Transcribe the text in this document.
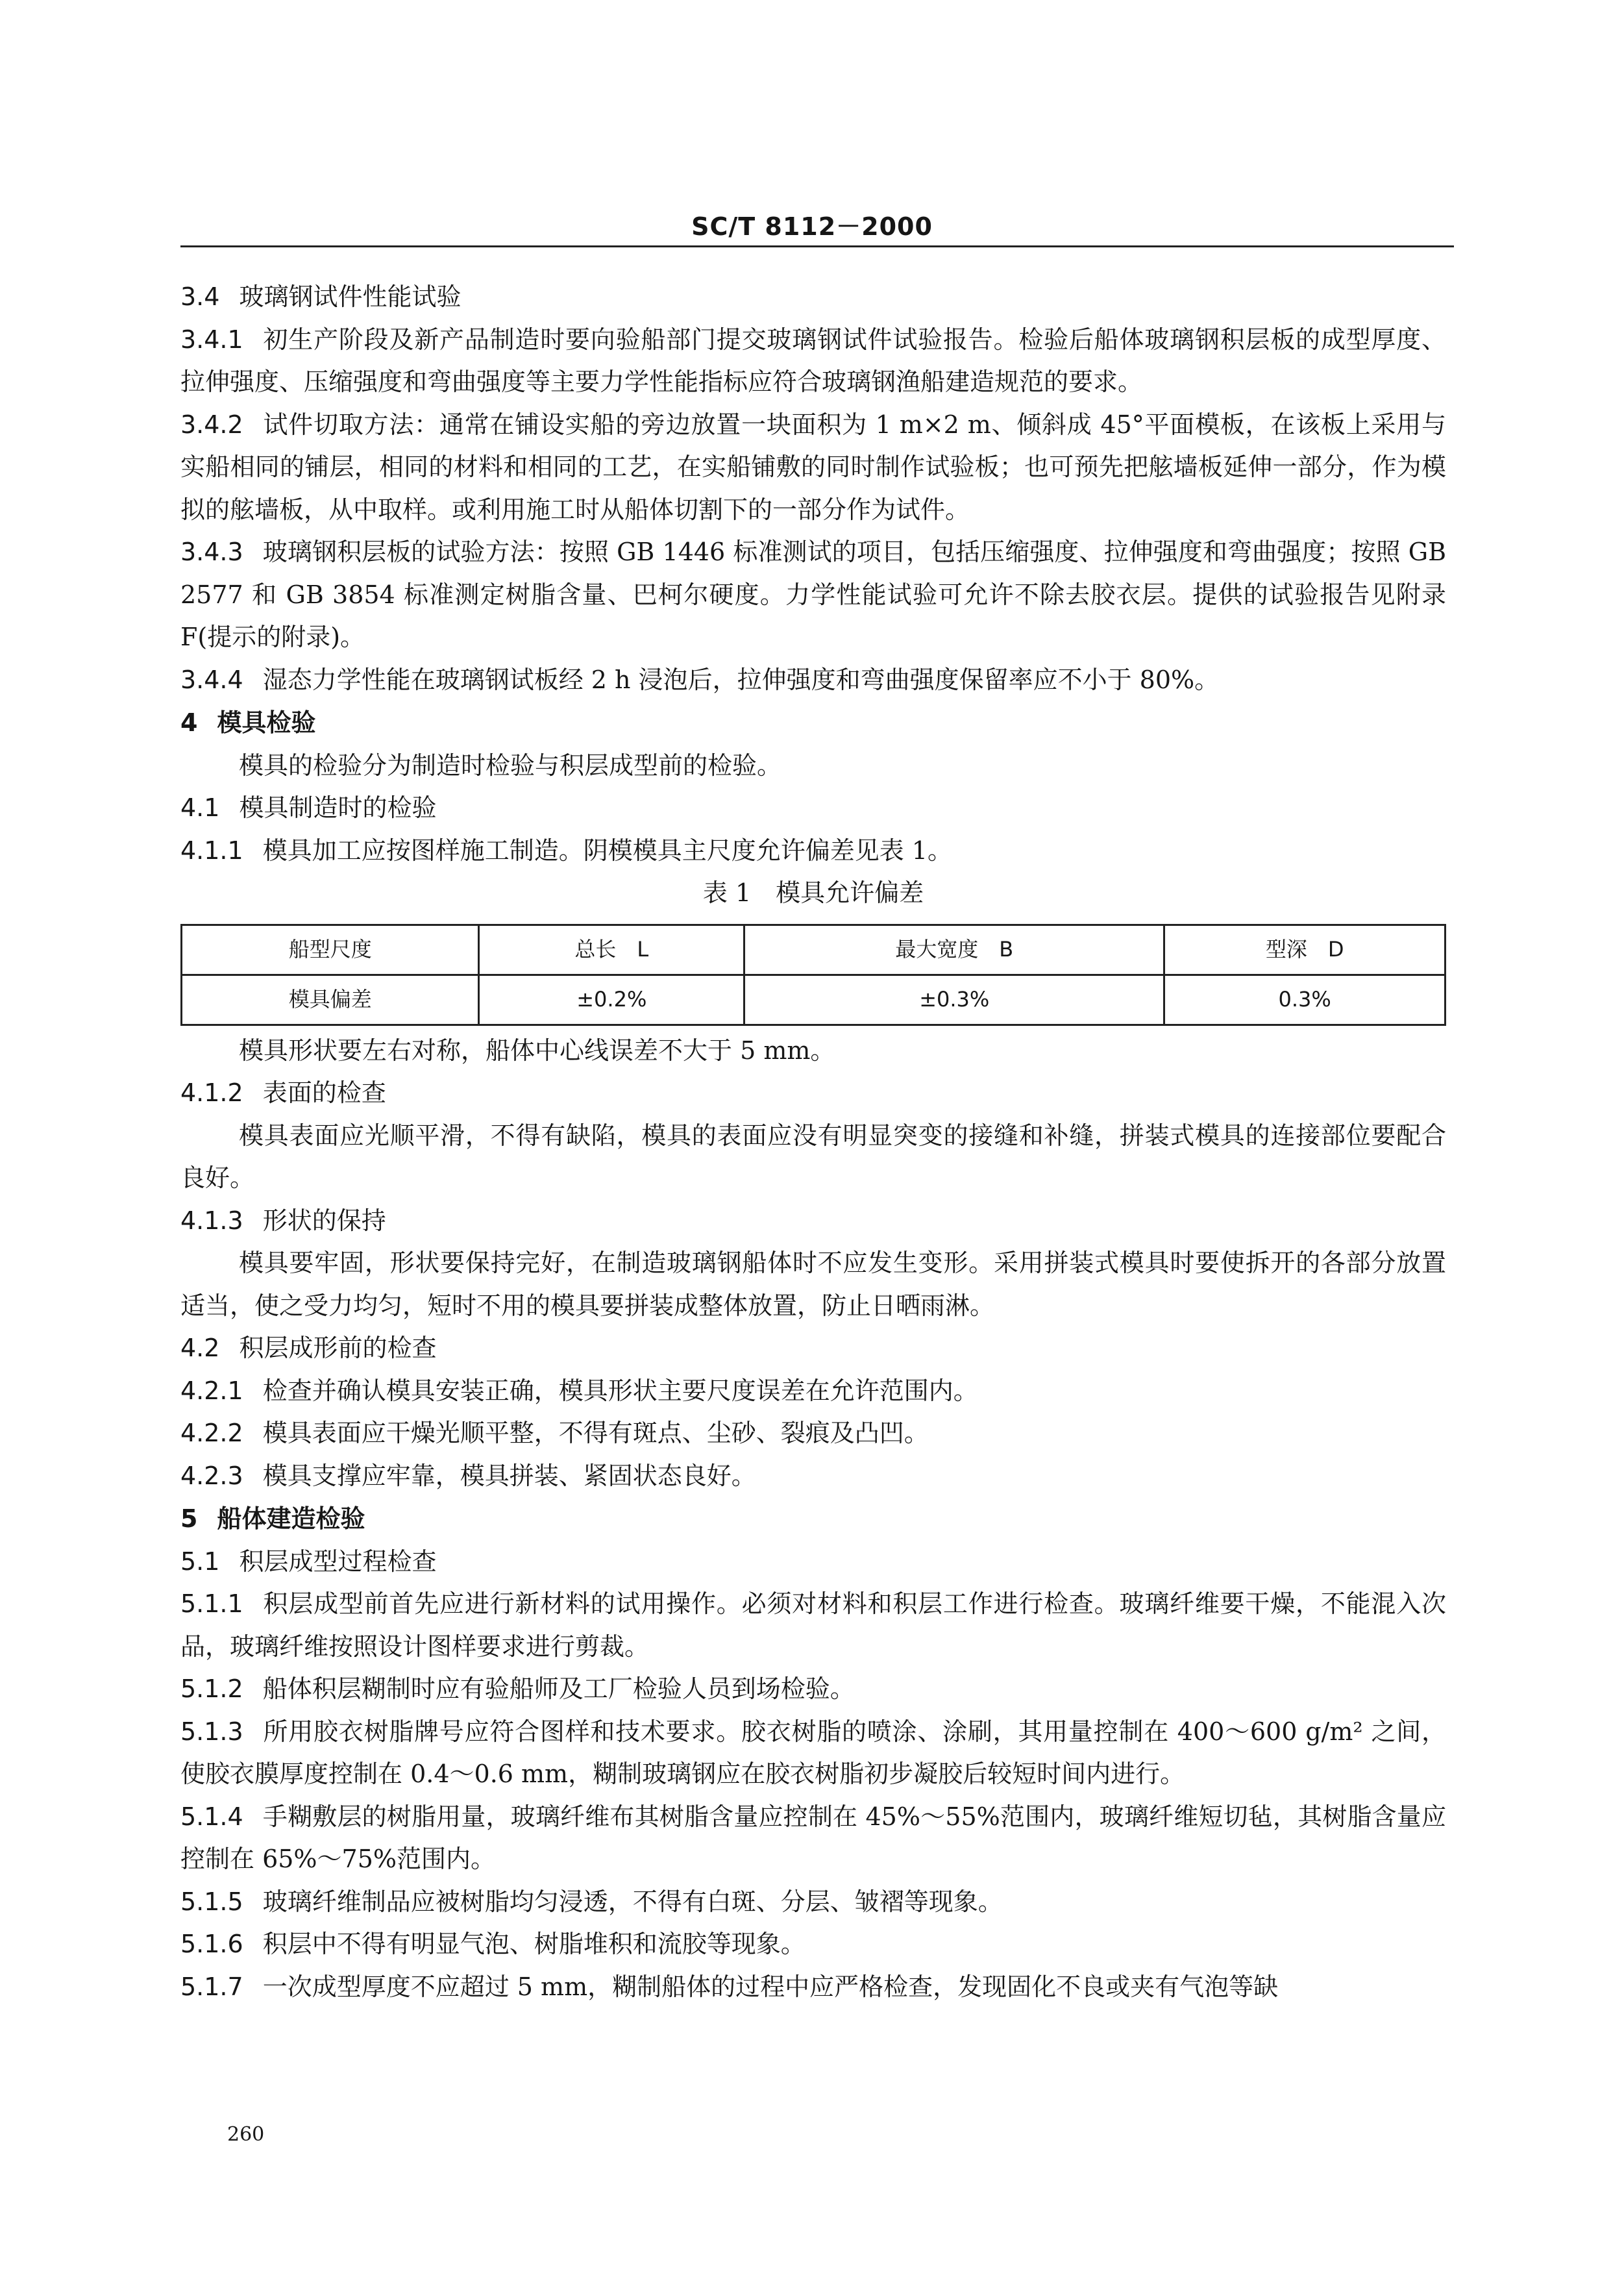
SC/T 8112－2000

3.4 玻璃钢试件性能试验

3.4.1 初生产阶段及新产品制造时要向验船部门提交玻璃钢试件试验报告。检验后船体玻璃钢积层板的成型厚度、拉伸强度、压缩强度和弯曲强度等主要力学性能指标应符合玻璃钢渔船建造规范的要求。

3.4.2 试件切取方法：通常在铺设实船的旁边放置一块面积为 1 m×2 m、倾斜成 45°平面模板，在该板上采用与实船相同的铺层，相同的材料和相同的工艺，在实船铺敷的同时制作试验板；也可预先把舷墙板延伸一部分，作为模拟的舷墙板，从中取样。或利用施工时从船体切割下的一部分作为试件。

3.4.3 玻璃钢积层板的试验方法：按照 GB 1446 标准测试的项目，包括压缩强度、拉伸强度和弯曲强度；按照 GB 2577 和 GB 3854 标准测定树脂含量、巴柯尔硬度。力学性能试验可允许不除去胶衣层。提供的试验报告见附录 F(提示的附录)。

3.4.4 湿态力学性能在玻璃钢试板经 2 h 浸泡后，拉伸强度和弯曲强度保留率应不小于 80%。

4 模具检验

模具的检验分为制造时检验与积层成型前的检验。

4.1 模具制造时的检验

4.1.1 模具加工应按图样施工制造。阴模模具主尺度允许偏差见表 1。

表 1　模具允许偏差

船型尺度	总长　L	最大宽度　B	型深　D
模具偏差	±0.2%	±0.3%	0.3%

模具形状要左右对称，船体中心线误差不大于 5 mm。

4.1.2 表面的检查

模具表面应光顺平滑，不得有缺陷，模具的表面应没有明显突变的接缝和补缝，拼装式模具的连接部位要配合良好。

4.1.3 形状的保持

模具要牢固，形状要保持完好，在制造玻璃钢船体时不应发生变形。采用拼装式模具时要使拆开的各部分放置适当，使之受力均匀，短时不用的模具要拼装成整体放置，防止日晒雨淋。

4.2 积层成形前的检查

4.2.1 检查并确认模具安装正确，模具形状主要尺度误差在允许范围内。

4.2.2 模具表面应干燥光顺平整，不得有斑点、尘砂、裂痕及凸凹。

4.2.3 模具支撑应牢靠，模具拼装、紧固状态良好。

5 船体建造检验

5.1 积层成型过程检查

5.1.1 积层成型前首先应进行新材料的试用操作。必须对材料和积层工作进行检查。玻璃纤维要干燥，不能混入次品，玻璃纤维按照设计图样要求进行剪裁。

5.1.2 船体积层糊制时应有验船师及工厂检验人员到场检验。

5.1.3 所用胶衣树脂牌号应符合图样和技术要求。胶衣树脂的喷涂、涂刷，其用量控制在 400～600 g/m² 之间，使胶衣膜厚度控制在 0.4～0.6 mm，糊制玻璃钢应在胶衣树脂初步凝胶后较短时间内进行。

5.1.4 手糊敷层的树脂用量，玻璃纤维布其树脂含量应控制在 45%～55%范围内，玻璃纤维短切毡，其树脂含量应控制在 65%～75%范围内。

5.1.5 玻璃纤维制品应被树脂均匀浸透，不得有白斑、分层、皱褶等现象。

5.1.6 积层中不得有明显气泡、树脂堆积和流胶等现象。

5.1.7 一次成型厚度不应超过 5 mm，糊制船体的过程中应严格检查，发现固化不良或夹有气泡等缺

260
